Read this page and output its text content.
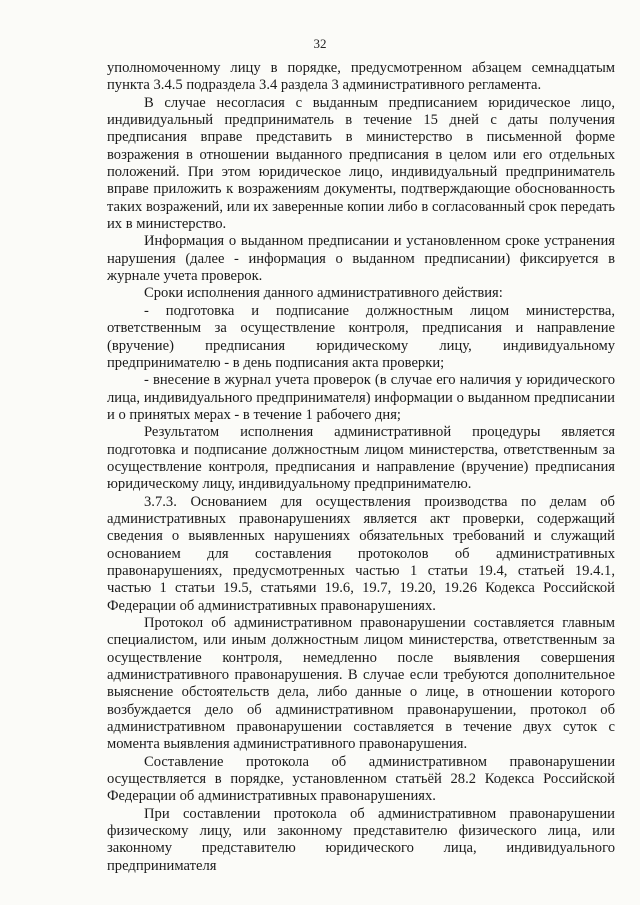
32

уполномоченному лицу в порядке, предусмотренном абзацем семнадцатым пункта 3.4.5 подраздела 3.4 раздела 3 административного регламента.

В случае несогласия с выданным предписанием юридическое лицо, индивидуальный предприниматель в течение 15 дней с даты получения предписания вправе представить в министерство в письменной форме возражения в отношении выданного предписания в целом или его отдельных положений. При этом юридическое лицо, индивидуальный предприниматель вправе приложить к возражениям документы, подтверждающие обоснованность таких возражений, или их заверенные копии либо в согласованный срок передать их в министерство.

Информация о выданном предписании и установленном сроке устранения нарушения (далее - информация о выданном предписании) фиксируется в журнале учета проверок.

Сроки исполнения данного административного действия:

- подготовка и подписание должностным лицом министерства, ответственным за осуществление контроля, предписания и направление (вручение) предписания юридическому лицу, индивидуальному предпринимателю - в день подписания акта проверки;

- внесение в журнал учета проверок (в случае его наличия у юридического лица, индивидуального предпринимателя) информации о выданном предписании и о принятых мерах - в течение 1 рабочего дня;

Результатом исполнения административной процедуры является подготовка и подписание должностным лицом министерства, ответственным за осуществление контроля, предписания и направление (вручение) предписания юридическому лицу, индивидуальному предпринимателю.

3.7.3. Основанием для осуществления производства по делам об административных правонарушениях является акт проверки, содержащий сведения о выявленных нарушениях обязательных требований и служащий основанием для составления протоколов об административных правонарушениях, предусмотренных частью 1 статьи 19.4, статьей 19.4.1, частью 1 статьи 19.5, статьями 19.6, 19.7, 19.20, 19.26 Кодекса Российской Федерации об административных правонарушениях.

Протокол об административном правонарушении составляется главным специалистом, или иным должностным лицом министерства, ответственным за осуществление контроля, немедленно после выявления совершения административного правонарушения. В случае если требуются дополнительное выяснение обстоятельств дела, либо данные о лице, в отношении которого возбуждается дело об административном правонарушении, протокол об административном правонарушении составляется в течение двух суток с момента выявления административного правонарушения.

Составление протокола об административном правонарушении осуществляется в порядке, установленном статьёй 28.2 Кодекса Российской Федерации об административных правонарушениях.

При составлении протокола об административном правонарушении физическому лицу, или законному представителю физического лица, или законному представителю юридического лица, индивидуального предпринимателя
